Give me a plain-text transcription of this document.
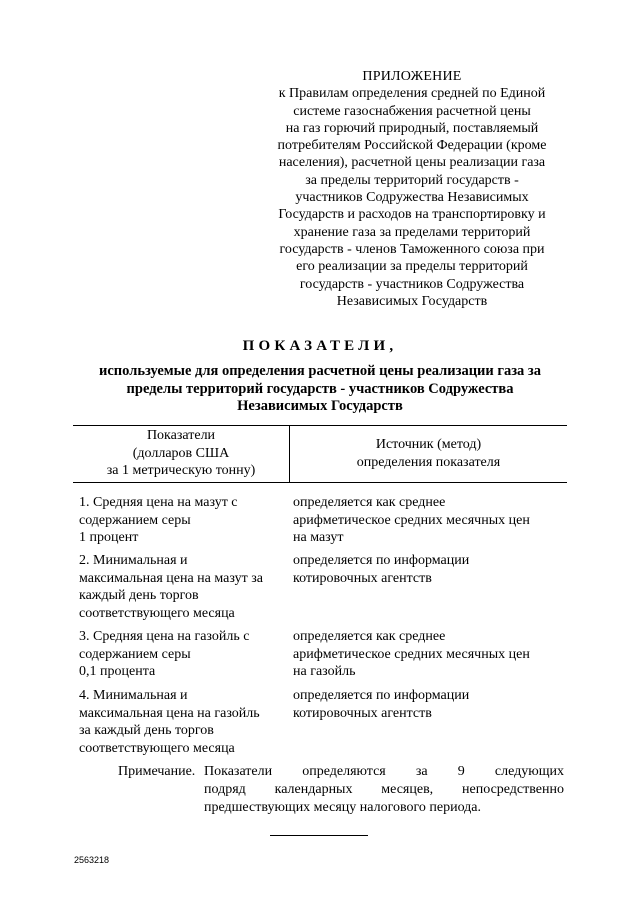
ПРИЛОЖЕНИЕ
к Правилам определения средней по Единой
системе газоснабжения расчетной цены
на газ горючий природный, поставляемый
потребителям Российской Федерации (кроме
населения), расчетной цены реализации газа
за пределы территорий государств -
участников Содружества Независимых
Государств и расходов на транспортировку и
хранение газа за пределами территорий
государств - членов Таможенного союза при
его реализации за пределы территорий
государств - участников Содружества
Независимых Государств
ПОКАЗАТЕЛИ,
используемые для определения расчетной цены реализации газа за
пределы территорий государств - участников Содружества
Независимых Государств
Показатели
(долларов США
за 1 метрическую тонну)
Источник (метод)
определения показателя
1. Средняя цена на мазут с
содержанием серы
1 процент
определяется как среднее
арифметическое средних месячных цен
на мазут
2. Минимальная и
максимальная цена на мазут за
каждый день торгов
соответствующего месяца
определяется по информации
котировочных агентств
3. Средняя цена на газойль с
содержанием серы
0,1 процента
определяется как среднее
арифметическое средних месячных цен
на газойль
4. Минимальная и
максимальная цена на газойль
за каждый день торгов
соответствующего месяца
определяется по информации
котировочных агентств
Примечание. Показатели определяются за 9 следующих
подряд календарных месяцев, непосредственно
предшествующих месяцу налогового периода.
2563218
